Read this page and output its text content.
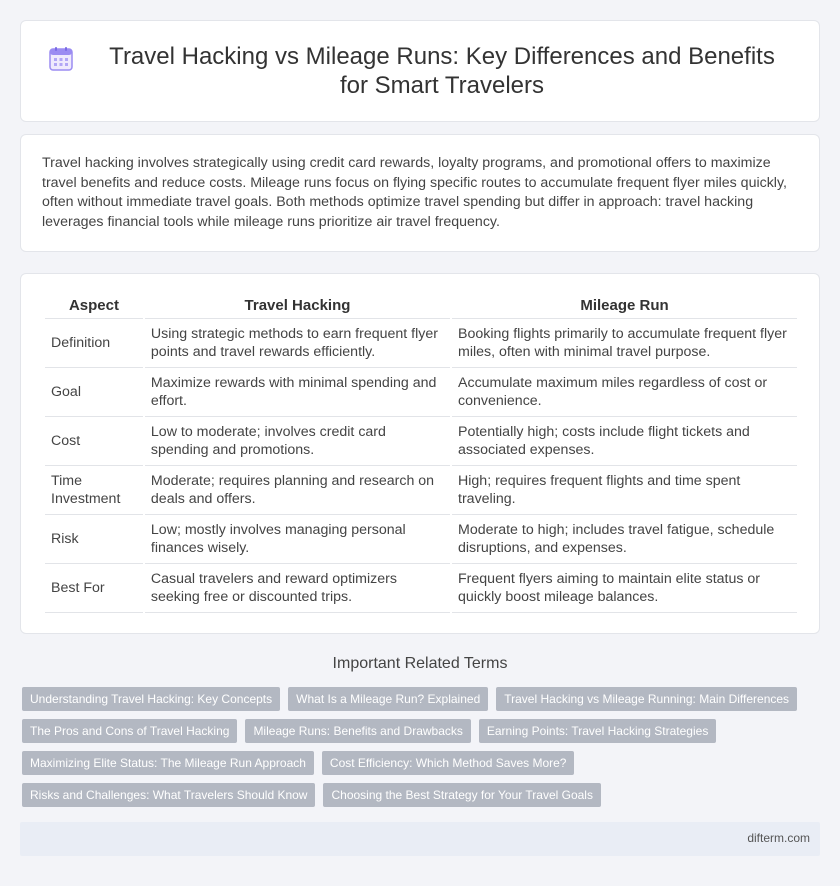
Travel Hacking vs Mileage Runs: Key Differences and Benefits for Smart Travelers

Travel hacking involves strategically using credit card rewards, loyalty programs, and promotional offers to maximize travel benefits and reduce costs. Mileage runs focus on flying specific routes to accumulate frequent flyer miles quickly, often without immediate travel goals. Both methods optimize travel spending but differ in approach: travel hacking leverages financial tools while mileage runs prioritize air travel frequency.

Aspect	Travel Hacking	Mileage Run
Definition	Using strategic methods to earn frequent flyer points and travel rewards efficiently.	Booking flights primarily to accumulate frequent flyer miles, often with minimal travel purpose.
Goal	Maximize rewards with minimal spending and effort.	Accumulate maximum miles regardless of cost or convenience.
Cost	Low to moderate; involves credit card spending and promotions.	Potentially high; costs include flight tickets and associated expenses.
Time Investment	Moderate; requires planning and research on deals and offers.	High; requires frequent flights and time spent traveling.
Risk	Low; mostly involves managing personal finances wisely.	Moderate to high; includes travel fatigue, schedule disruptions, and expenses.
Best For	Casual travelers and reward optimizers seeking free or discounted trips.	Frequent flyers aiming to maintain elite status or quickly boost mileage balances.
Important Related Terms
Understanding Travel Hacking: Key Concepts	What Is a Mileage Run? Explained	Travel Hacking vs Mileage Running: Main Differences
The Pros and Cons of Travel Hacking	Mileage Runs: Benefits and Drawbacks	Earning Points: Travel Hacking Strategies
Maximizing Elite Status: The Mileage Run Approach	Cost Efficiency: Which Method Saves More?
Risks and Challenges: What Travelers Should Know	Choosing the Best Strategy for Your Travel Goals
difterm.com
